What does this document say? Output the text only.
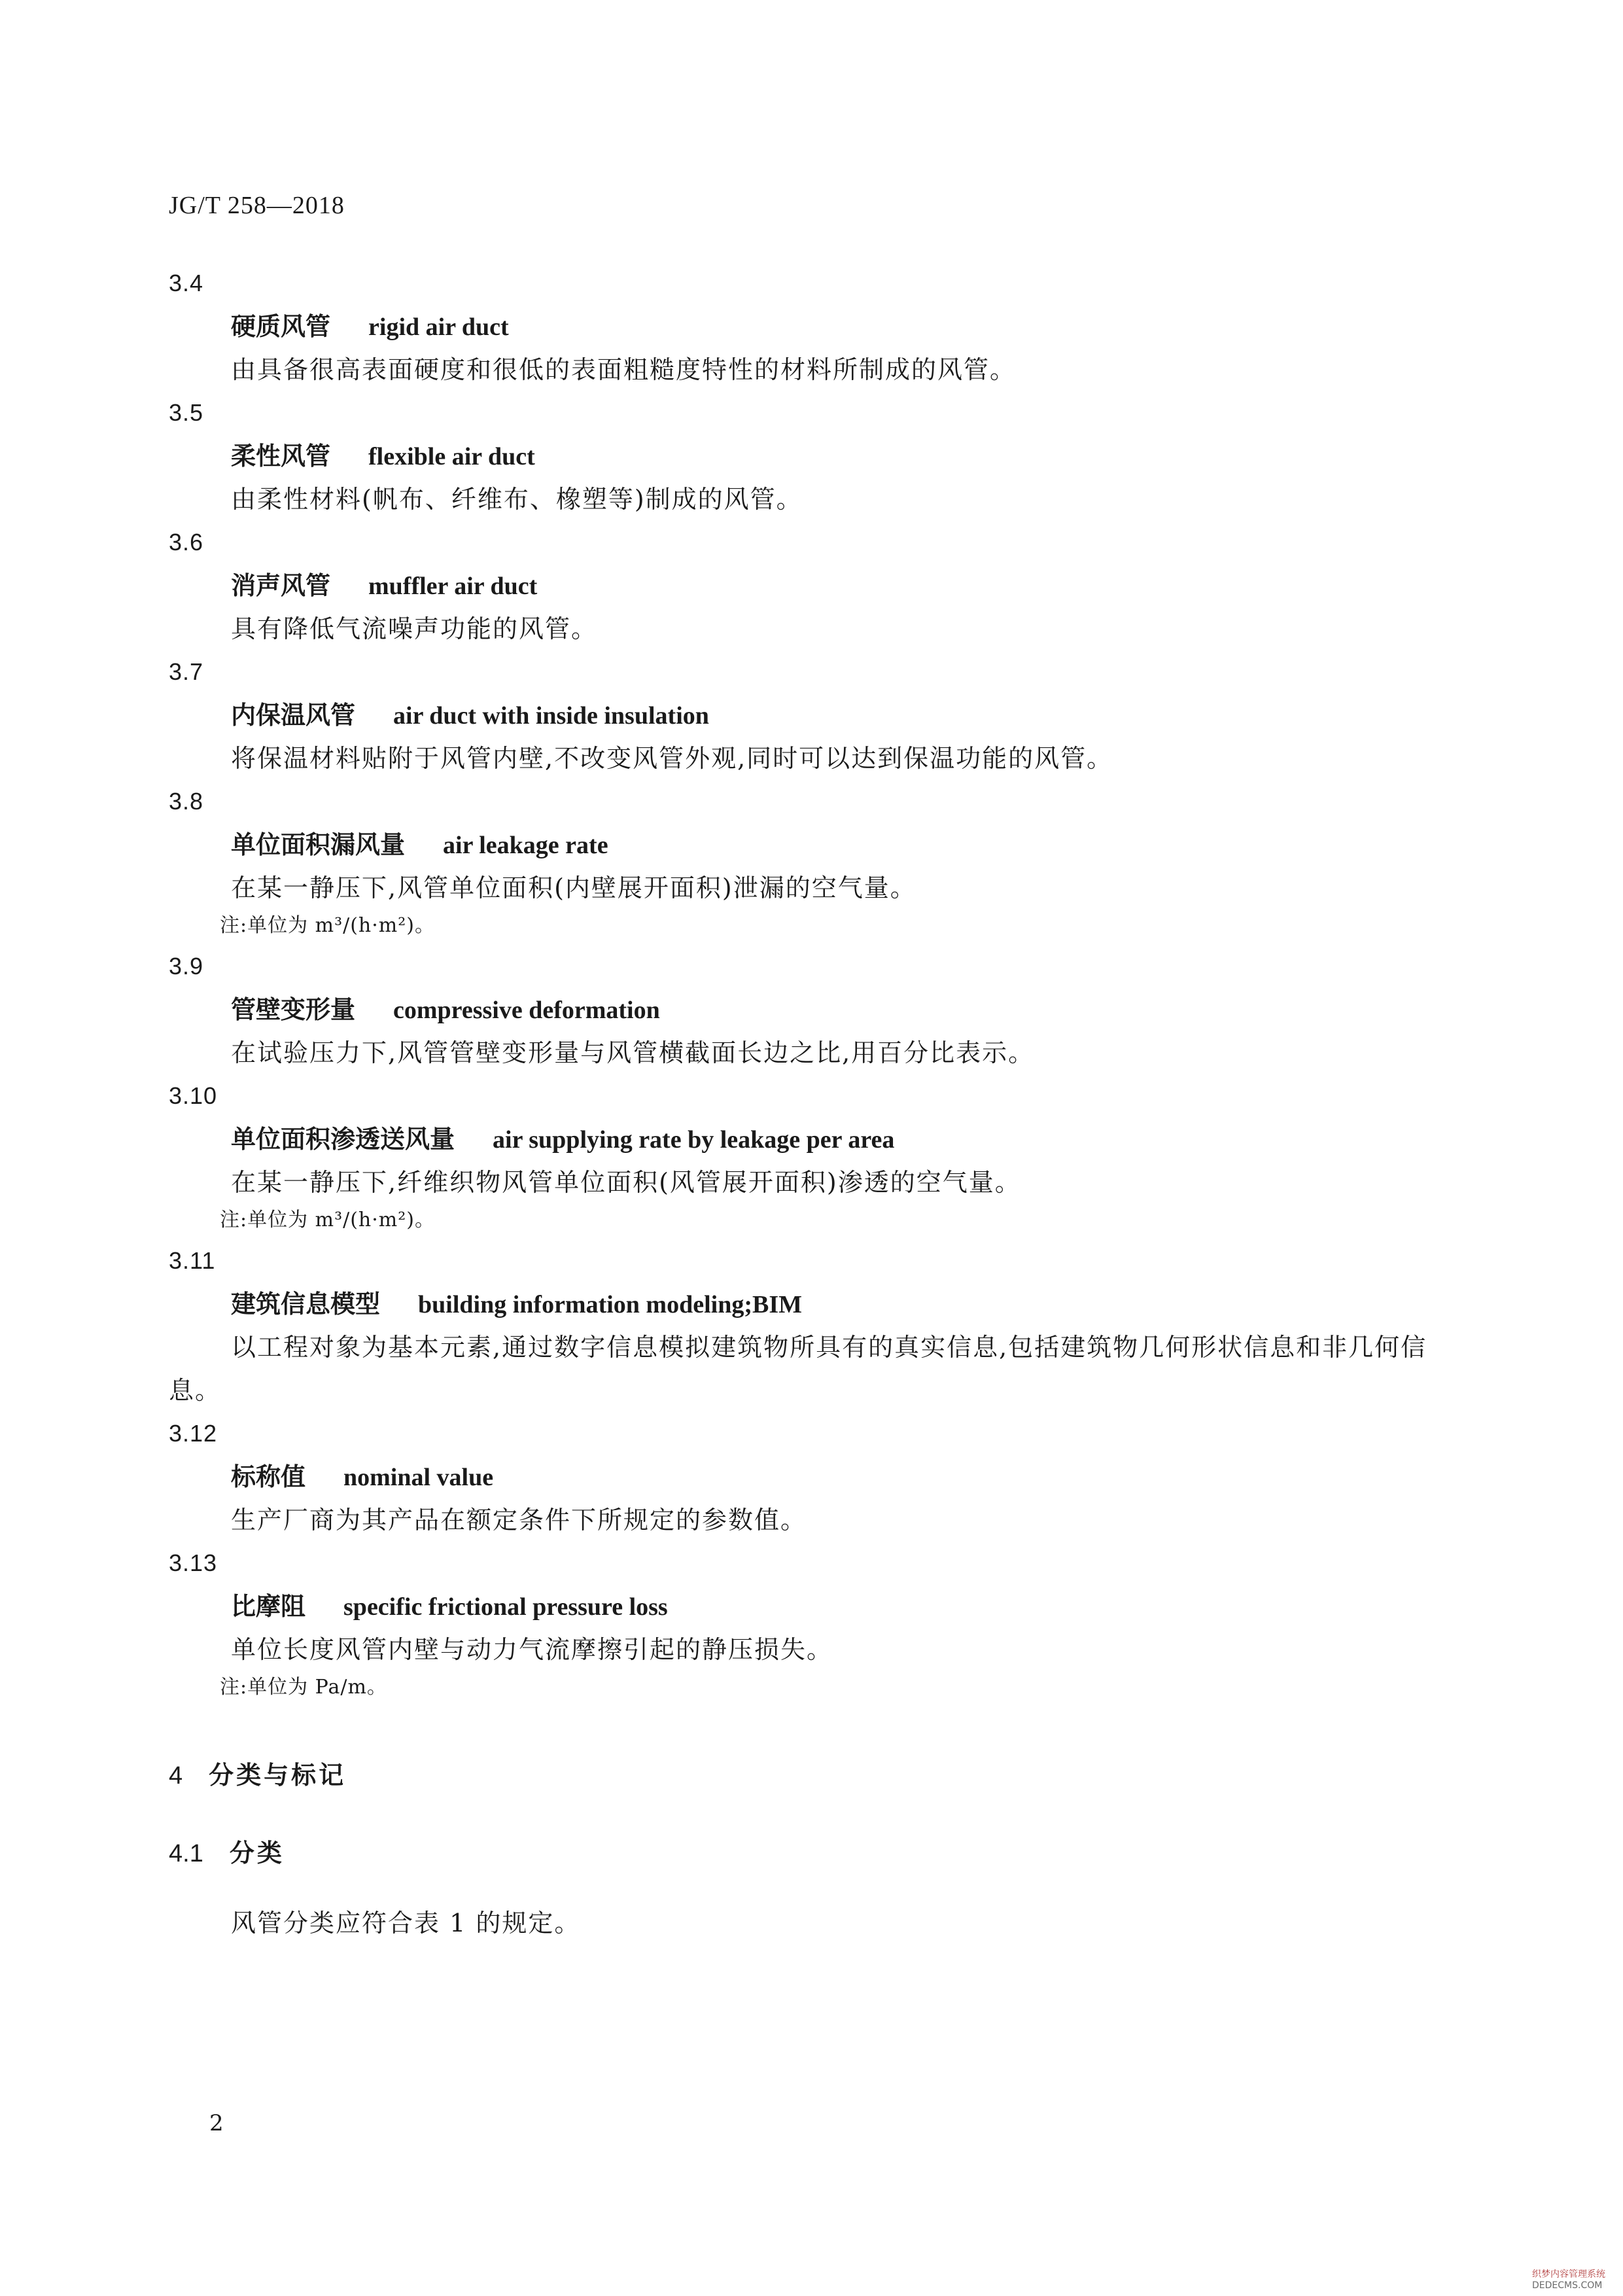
JG/T 258—2018
3.4
硬质风管 rigid air duct
由具备很高表面硬度和很低的表面粗糙度特性的材料所制成的风管。
3.5
柔性风管 flexible air duct
由柔性材料(帆布、纤维布、橡塑等)制成的风管。
3.6
消声风管 muffler air duct
具有降低气流噪声功能的风管。
3.7
内保温风管 air duct with inside insulation
将保温材料贴附于风管内壁,不改变风管外观,同时可以达到保温功能的风管。
3.8
单位面积漏风量 air leakage rate
在某一静压下,风管单位面积(内壁展开面积)泄漏的空气量。
注:单位为 m³/(h·m²)。
3.9
管壁变形量 compressive deformation
在试验压力下,风管管壁变形量与风管横截面长边之比,用百分比表示。
3.10
单位面积渗透送风量 air supplying rate by leakage per area
在某一静压下,纤维织物风管单位面积(风管展开面积)渗透的空气量。
注:单位为 m³/(h·m²)。
3.11
建筑信息模型 building information modeling;BIM
以工程对象为基本元素,通过数字信息模拟建筑物所具有的真实信息,包括建筑物几何形状信息和非几何信息。
3.12
标称值 nominal value
生产厂商为其产品在额定条件下所规定的参数值。
3.13
比摩阻 specific frictional pressure loss
单位长度风管内壁与动力气流摩擦引起的静压损失。
注:单位为 Pa/m。
4 分类与标记
4.1 分类
风管分类应符合表 1 的规定。
2
织梦内容管理系统
DEDECMS.COM
